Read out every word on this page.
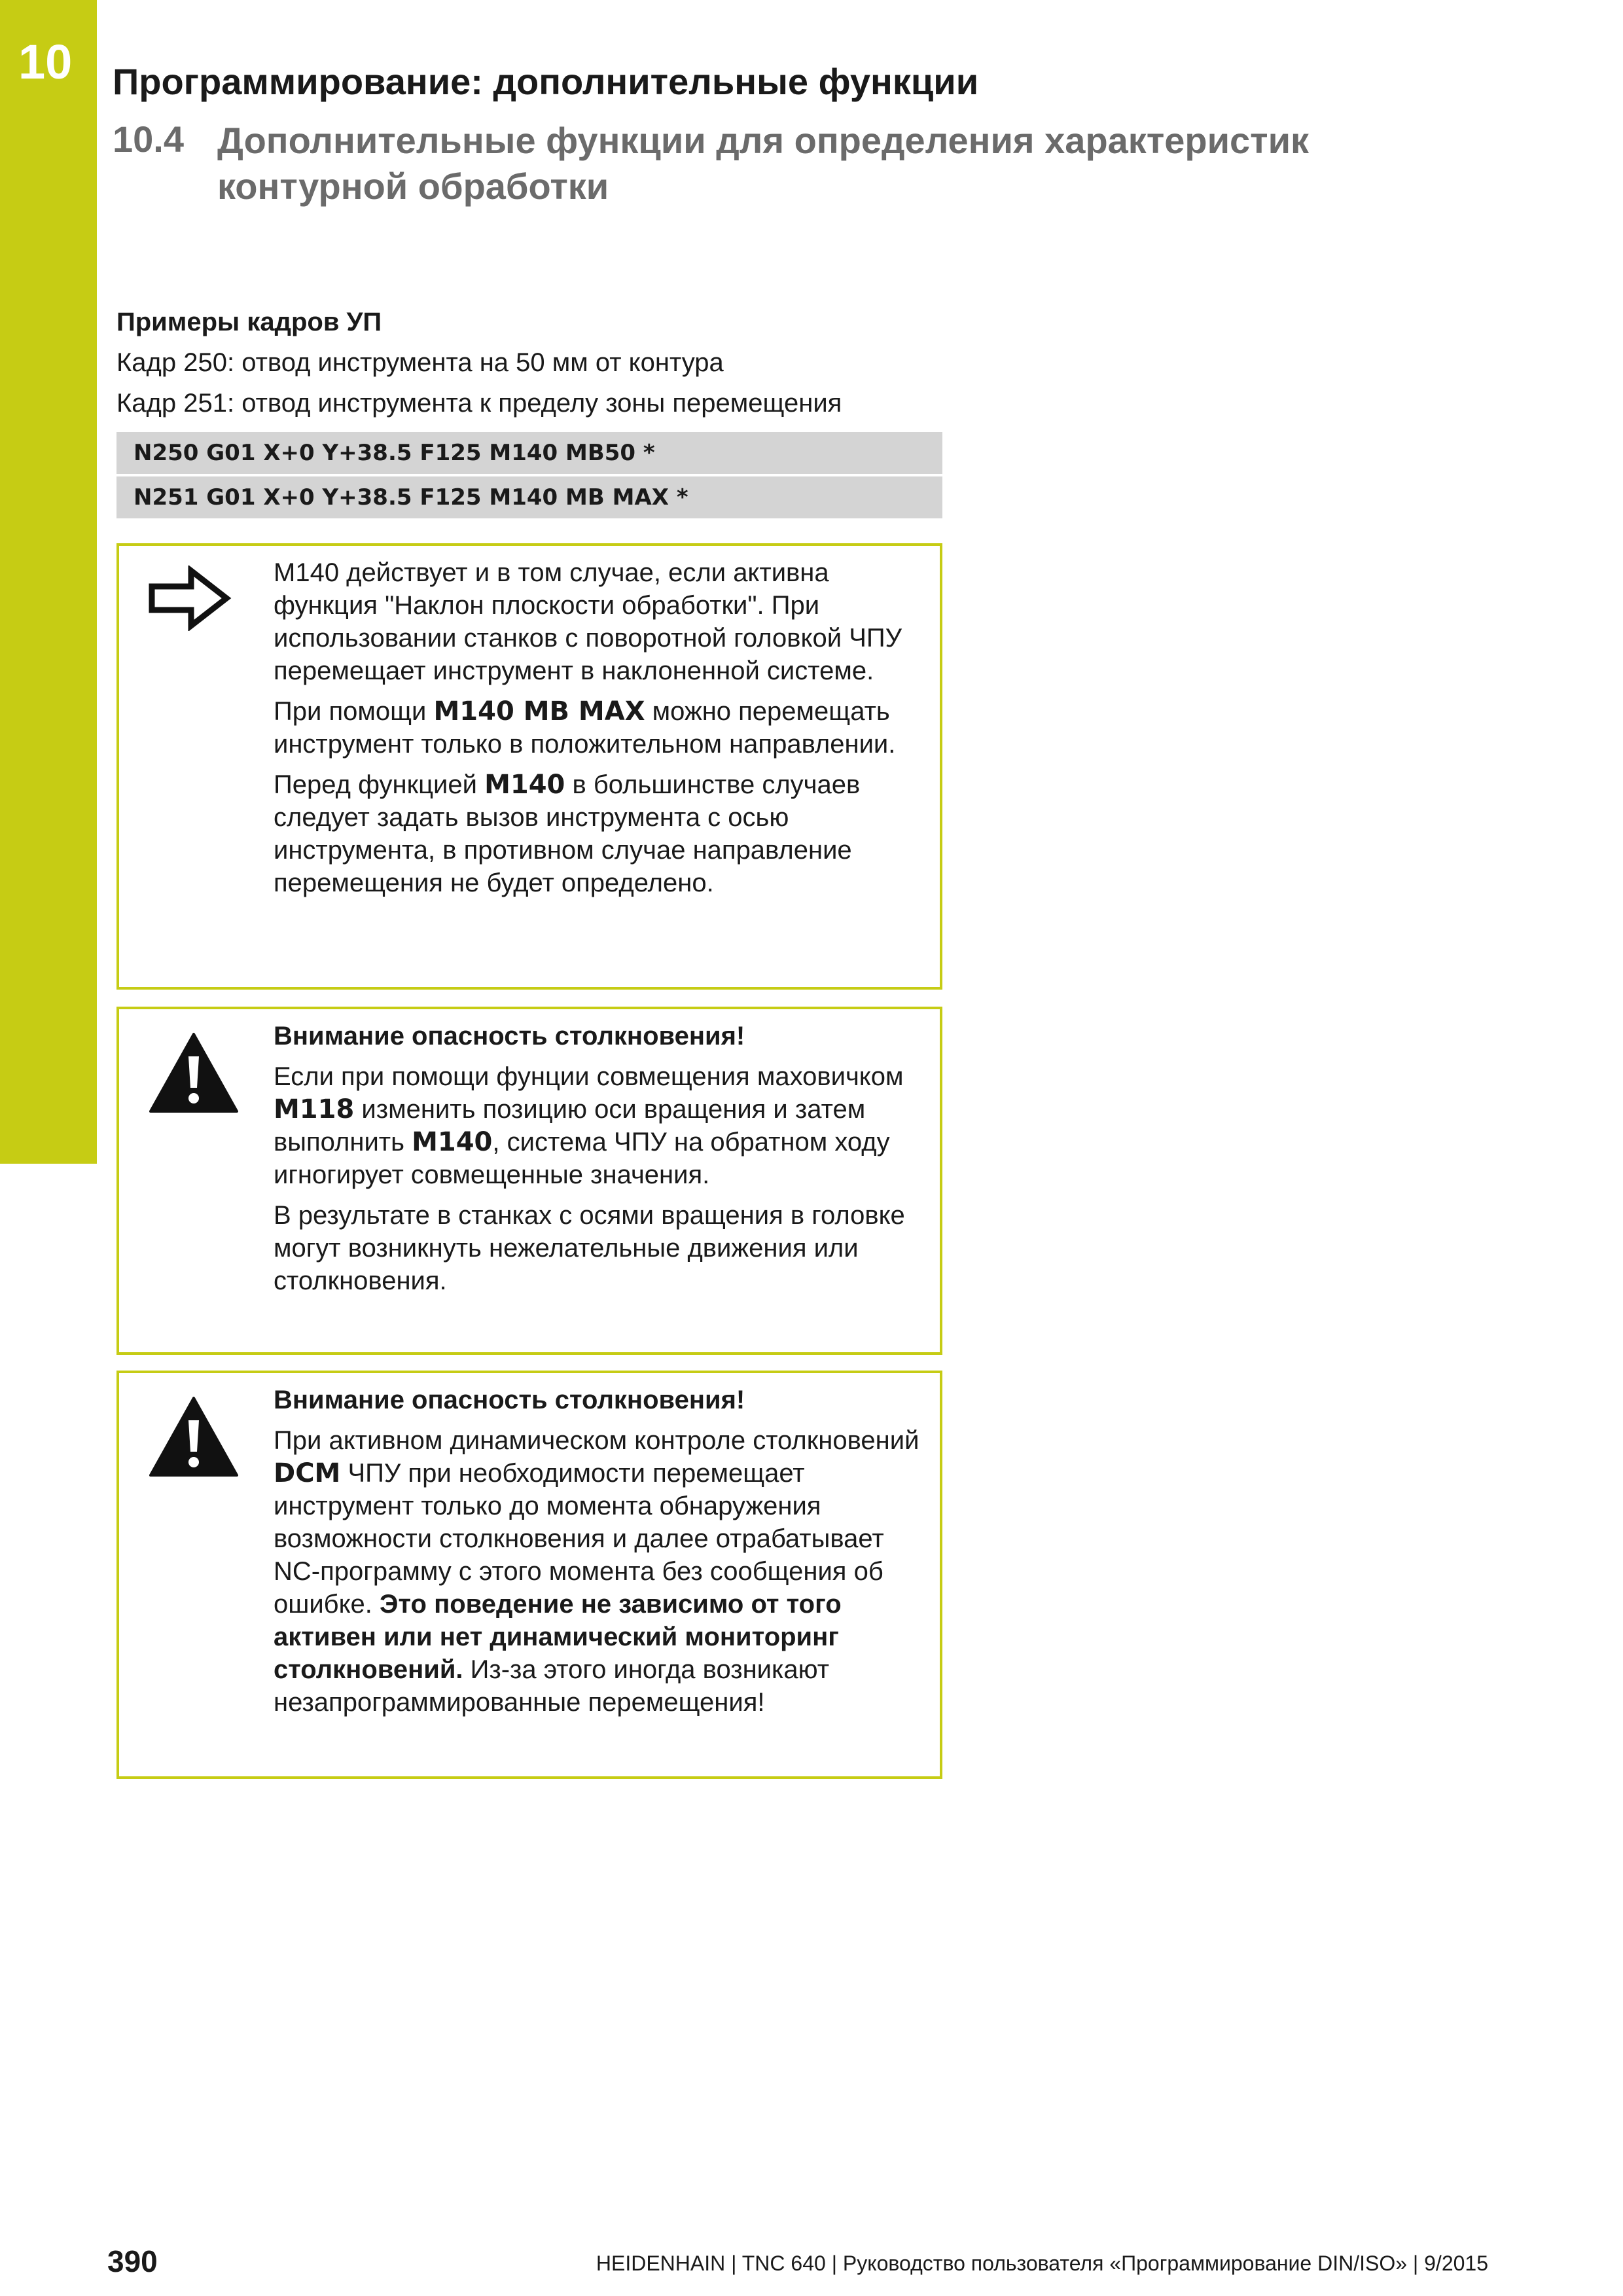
10 Программирование: дополнительные функции
10.4 Дополнительные функции для определения характеристик контурной обработки
Примеры кадров УП
Кадр 250: отвод инструмента на 50 мм от контура
Кадр 251: отвод инструмента к пределу зоны перемещения
N250 G01 X+0 Y+38.5 F125 M140 MB50 *
N251 G01 X+0 Y+38.5 F125 M140 MB MAX *

M140 действует и в том случае, если активна функция "Наклон плоскости обработки". При использовании станков с поворотной головкой ЧПУ перемещает инструмент в наклоненной системе.

При помощи M140 MB MAX можно перемещать инструмент только в положительном направлении.

Перед функцией M140 в большинстве случаев следует задать вызов инструмента с осью инструмента, в противном случае направление перемещения не будет определено.

Внимание опасность столкновения!

Если при помощи фунции совмещения маховичком M118 изменить позицию оси вращения и затем выполнить M140, система ЧПУ на обратном ходу игногирует совмещенные значения.

В результате в станках с осями вращения в головке могут возникнуть нежелательные движения или столкновения.

Внимание опасность столкновения!

При активном динамическом контроле столкновений DCM ЧПУ при необходимости перемещает инструмент только до момента обнаружения возможности столкновения и далее отрабатывает NC-программу с этого момента без сообщения об ошибке. Это поведение не зависимо от того активен или нет динамический мониторинг столкновений. Из-за этого иногда возникают незапрограммированные перемещения!

390	HEIDENHAIN | TNC 640 | Руководство пользователя «Программирование DIN/ISO» | 9/2015
